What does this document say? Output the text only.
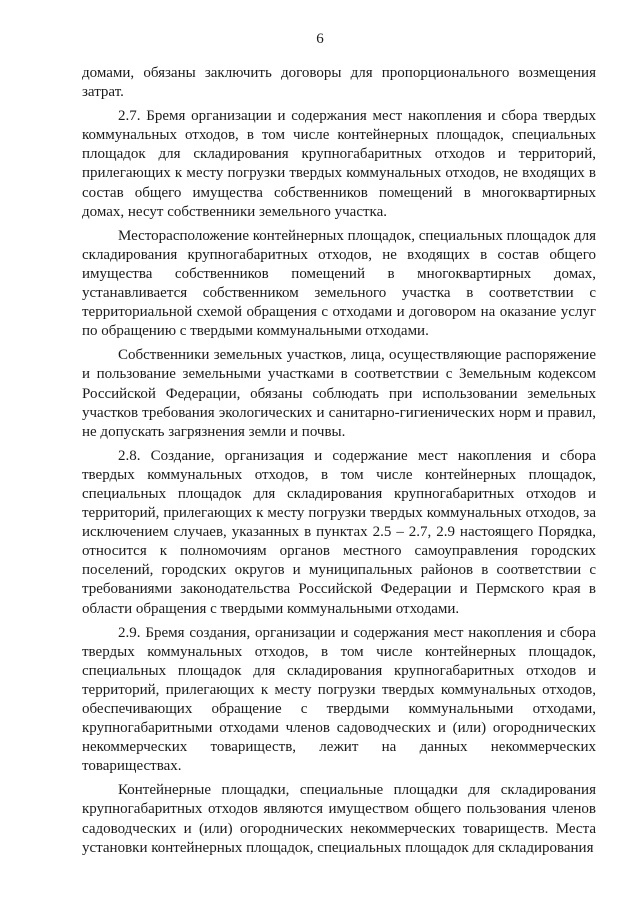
6

домами, обязаны заключить договоры для пропорционального возмещения затрат.

2.7. Бремя организации и содержания мест накопления и сбора твердых коммунальных отходов, в том числе контейнерных площадок, специальных площадок для складирования крупногабаритных отходов и территорий, прилегающих к месту погрузки твердых коммунальных отходов, не входящих в состав общего имущества собственников помещений в многоквартирных домах, несут собственники земельного участка.

Месторасположение контейнерных площадок, специальных площадок для складирования крупногабаритных отходов, не входящих в состав общего имущества собственников помещений в многоквартирных домах, устанавливается собственником земельного участка в соответствии с территориальной схемой обращения с отходами и договором на оказание услуг по обращению с твердыми коммунальными отходами.

Собственники земельных участков, лица, осуществляющие распоряжение и пользование земельными участками в соответствии с Земельным кодексом Российской Федерации, обязаны соблюдать при использовании земельных участков требования экологических и санитарно-гигиенических норм и правил, не допускать загрязнения земли и почвы.

2.8. Создание, организация и содержание мест накопления и сбора твердых коммунальных отходов, в том числе контейнерных площадок, специальных площадок для складирования крупногабаритных отходов и территорий, прилегающих к месту погрузки твердых коммунальных отходов, за исключением случаев, указанных в пунктах 2.5 – 2.7, 2.9 настоящего Порядка, относится к полномочиям органов местного самоуправления городских поселений, городских округов и муниципальных районов в соответствии с требованиями законодательства Российской Федерации и Пермского края в области обращения с твердыми коммунальными отходами.

2.9. Бремя создания, организации и содержания мест накопления и сбора твердых коммунальных отходов, в том числе контейнерных площадок, специальных площадок для складирования крупногабаритных отходов и территорий, прилегающих к месту погрузки твердых коммунальных отходов, обеспечивающих обращение с твердыми коммунальными отходами, крупногабаритными отходами членов садоводческих и (или) огороднических некоммерческих товариществ, лежит на данных некоммерческих товариществах.

Контейнерные площадки, специальные площадки для складирования крупногабаритных отходов являются имуществом общего пользования членов садоводческих и (или) огороднических некоммерческих товариществ. Места установки контейнерных площадок, специальных площадок для складирования
